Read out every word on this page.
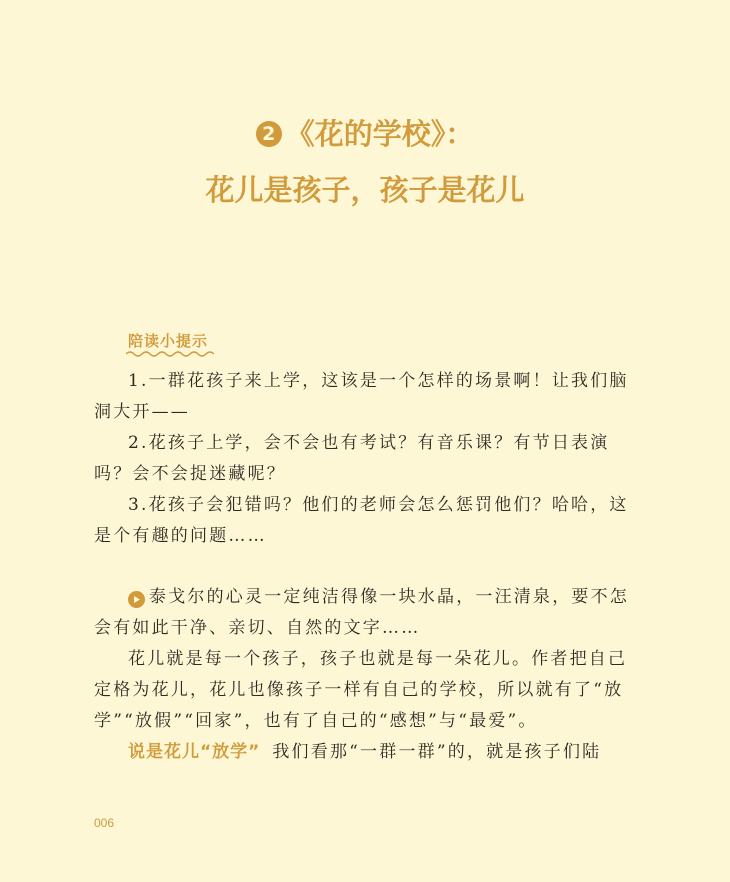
2 《花的学校》：
花儿是孩子，孩子是花儿
陪读小提示

1.一群花孩子来上学，这该是一个怎样的场景啊！让我们脑洞大开——

2.花孩子上学，会不会也有考试？有音乐课？有节日表演吗？会不会捉迷藏呢？

3.花孩子会犯错吗？他们的老师会怎么惩罚他们？哈哈，这是个有趣的问题……

泰戈尔的心灵一定纯洁得像一块水晶，一汪清泉，要不怎会有如此干净、亲切、自然的文字……

花儿就是每一个孩子，孩子也就是每一朵花儿。作者把自己定格为花儿，花儿也像孩子一样有自己的学校，所以就有了“放学”“放假”“回家”，也有了自己的“感想”与“最爱”。

说是花儿“放学” 我们看那“一群一群”的，就是孩子们陆

006
